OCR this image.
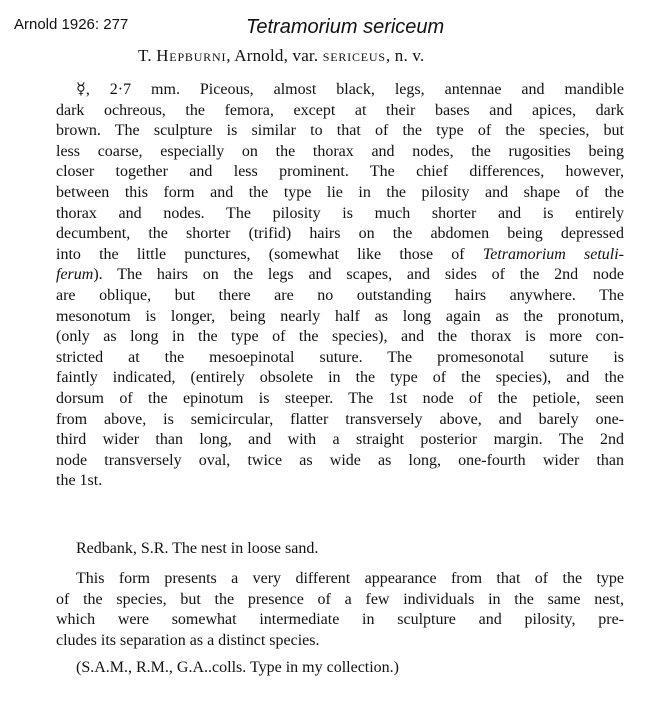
Arnold 1926: 277	Tetramorium sericeum
T. Hepburni, Arnold, var. sericeus, n. v.
☿, 2·7 mm. Piceous, almost black, legs, antennae and mandible
dark ochreous, the femora, except at their bases and apices, dark
brown. The sculpture is similar to that of the type of the species, but
less coarse, especially on the thorax and nodes, the rugosities being
closer together and less prominent. The chief differences, however,
between this form and the type lie in the pilosity and shape of the
thorax and nodes. The pilosity is much shorter and is entirely
decumbent, the shorter (trifid) hairs on the abdomen being depressed
into the little punctures, (somewhat like those of Tetramorium setuli-
ferum). The hairs on the legs and scapes, and sides of the 2nd node
are oblique, but there are no outstanding hairs anywhere. The
mesonotum is longer, being nearly half as long again as the pronotum,
(only as long in the type of the species), and the thorax is more con-
stricted at the mesoepinotal suture. The promesonotal suture is
faintly indicated, (entirely obsolete in the type of the species), and the
dorsum of the epinotum is steeper. The 1st node of the petiole, seen
from above, is semicircular, flatter transversely above, and barely one-
third wider than long, and with a straight posterior margin. The 2nd
node transversely oval, twice as wide as long, one-fourth wider than
the 1st.
Redbank, S.R. The nest in loose sand.
This form presents a very different appearance from that of the type
of the species, but the presence of a few individuals in the same nest,
which were somewhat intermediate in sculpture and pilosity, pre-
cludes its separation as a distinct species.
(S.A.M., R.M., G.A..colls. Type in my collection.)
